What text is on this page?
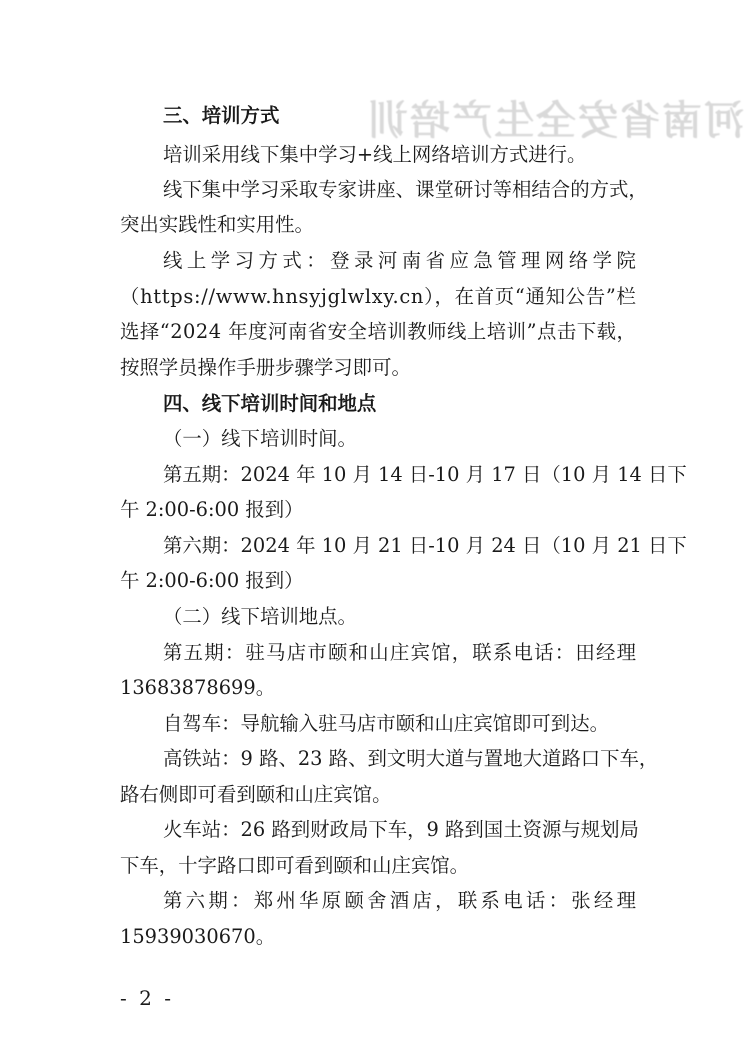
河南省安全生产培训
三、培训方式
培训采用线下集中学习+线上网络培训方式进行。
线下集中学习采取专家讲座、课堂研讨等相结合的方式，
突出实践性和实用性。
线上学习方式：登录河南省应急管理网络学院
（https://www.hnsyjglwlxy.cn），在首页“通知公告”栏
选择“2024 年度河南省安全培训教师线上培训”点击下载，
按照学员操作手册步骤学习即可。
四、线下培训时间和地点
（一）线下培训时间。
第五期：2024 年 10 月 14 日-10 月 17 日（10 月 14 日下
午 2:00-6:00 报到）
第六期：2024 年 10 月 21 日-10 月 24 日（10 月 21 日下
午 2:00-6:00 报到）
（二）线下培训地点。
第五期：驻马店市颐和山庄宾馆，联系电话：田经理
13683878699。
自驾车：导航输入驻马店市颐和山庄宾馆即可到达。
高铁站：9 路、23 路、到文明大道与置地大道路口下车，
路右侧即可看到颐和山庄宾馆。
火车站：26 路到财政局下车，9 路到国土资源与规划局
下车，十字路口即可看到颐和山庄宾馆。
第六期：郑州华原颐舍酒店，联系电话：张经理
15939030670。
- 2 -
